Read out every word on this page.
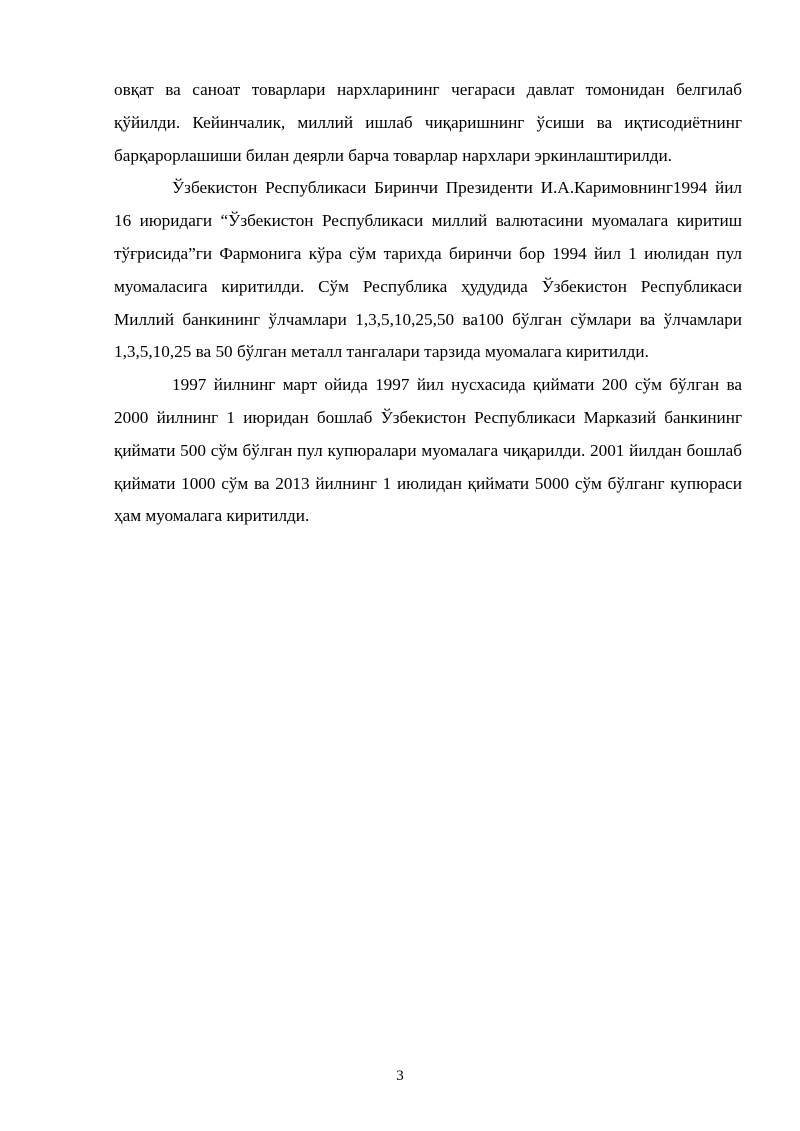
овқат ва саноат товарлари нархларининг чегараси давлат томонидан белгилаб қўйилди. Кейинчалик, миллий ишлаб чиқаришнинг ўсиши ва иқтисодиётнинг барқарорлашиши билан деярли барча товарлар нархлари эркинлаштирилди.

Ўзбекистон Республикаси Биринчи Президенти И.А.Каримовнинг1994 йил 16 июридаги “Ўзбекистон Республикаси миллий валютасини муомалага киритиш тўғрисида”ги Фармонига кўра сўм тарихда биринчи бор 1994 йил 1 июлидан пул муомаласига киритилди. Сўм Республика ҳудудида Ўзбекистон Республикаси Миллий банкининг ўлчамлари 1,3,5,10,25,50 ва100 бўлган сўмлари ва ўлчамлари 1,3,5,10,25 ва 50 бўлган металл тангалари тарзида муомалага киритилди.

1997 йилнинг март ойида 1997 йил нусхасида қиймати 200 сўм бўлган ва 2000 йилнинг 1 июридан бошлаб Ўзбекистон Республикаси Марказий банкининг қиймати 500 сўм бўлган пул купюралари муомалага чиқарилди. 2001 йилдан бошлаб қиймати 1000 сўм ва 2013 йилнинг 1 июлидан қиймати 5000 сўм бўлганг купюраси ҳам муомалага киритилди.

3
